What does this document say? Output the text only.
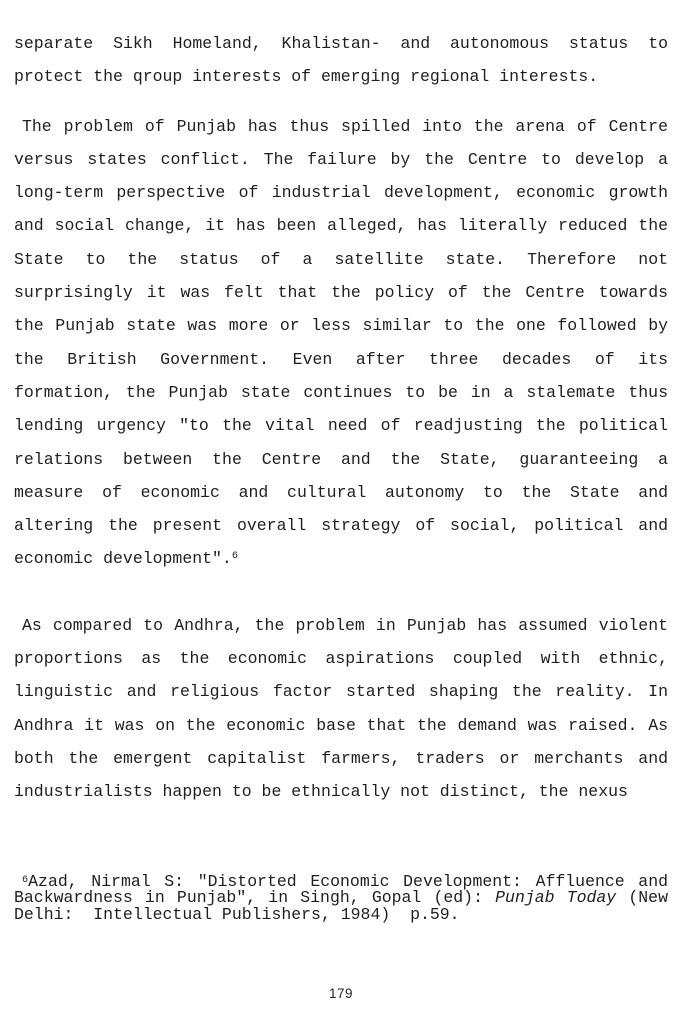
separate Sikh Homeland, Khalistan- and autonomous status to
protect the qroup interests of emerging regional interests.

The problem of Punjab has thus spilled into the arena of Centre
versus states conflict. The failure by the Centre to develop a
long-term perspective of industrial development, economic growth
and social change, it has been alleged, has literally reduced the
State to the status of a satellite state. Therefore not
surprisingly it was felt that the policy of the Centre towards
the Punjab state was more or less similar to the one followed by
the British Government. Even after three decades of its
formation, the Punjab state continues to be in a stalemate thus
lending urgency "to the vital need of readjusting the political
relations between the Centre and the State, guaranteeing a
measure of economic and cultural autonomy to the State and
altering the present overall strategy of social, political and
economic development".$^6$

As compared to Andhra, the problem in Punjab has assumed violent
proportions as the economic aspirations coupled with ethnic,
linguistic and religious factor started shaping the reality. In
Andhra it was on the economic base that the demand was raised. As
both the emergent capitalist farmers, traders or merchants and
industrialists happen to be ethnically not distinct, the nexus

$^6$Azad, Nirmal S: "Distorted Economic Development: Affluence and
Backwardness in Punjab", in Singh, Gopal (ed): Punjab Today (New
Delhi:  Intellectual Publishers, 1984)  p.59.
179
